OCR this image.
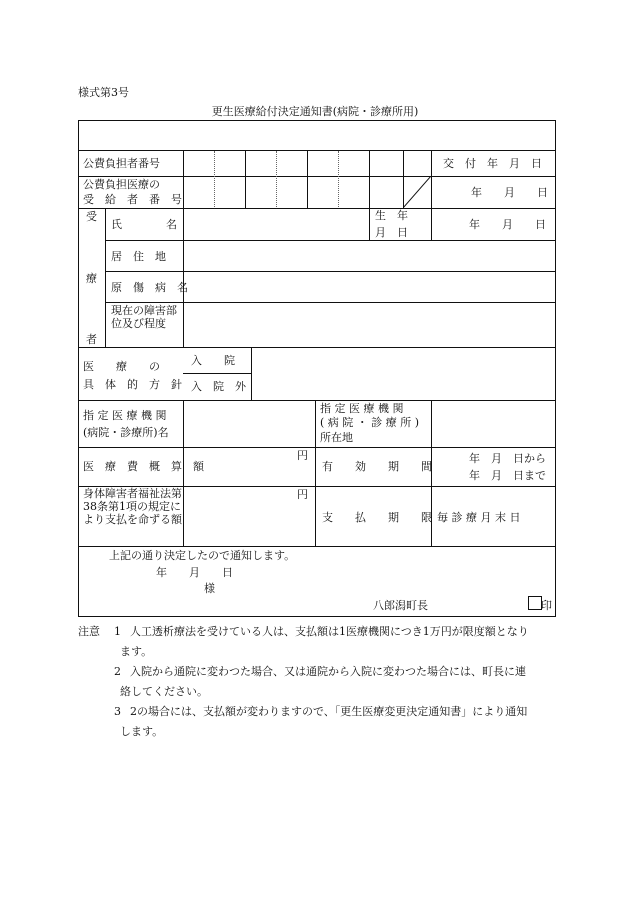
様式第3号
更生医療給付決定通知書(病院・診療所用)
公費負担者番号	交　付　年　月　日
公費負担医療の
受　給　者　番　号
年　　月　　日
受
療
者
氏　　　　名
生　年
月　日
年　　月　　日
居　住　地
原　傷　病　名
現在の障害部位及び程度
医　　療　　の
具　体　的　方　針
入　　院
入　院　外
指 定 医 療 機 関
(病院・診療所)名
指 定 医 療 機 関
( 病 院 ・ 診 療 所 )
所在地
医　療　費　概　算　額
円
有　　効　　期　　間
年　月　日から
年　月　日まで
身体障害者福祉法第38条第1項の規定により支払を命ずる額
円
支　　払　　期　　限 毎 診 療 月 末 日
上記の通り決定したので通知します。
年　　月　　日
様
八郎潟町長	印
注意 1 人工透析療法を受けている人は、支払額は1医療機関につき1万円が限度額となり
ます。
2 入院から通院に変わつた場合、又は通院から入院に変わつた場合には、町長に連

絡してください。
3 2の場合には、支払額が変わりますので、「更生医療変更決定通知書」により通知

します。
